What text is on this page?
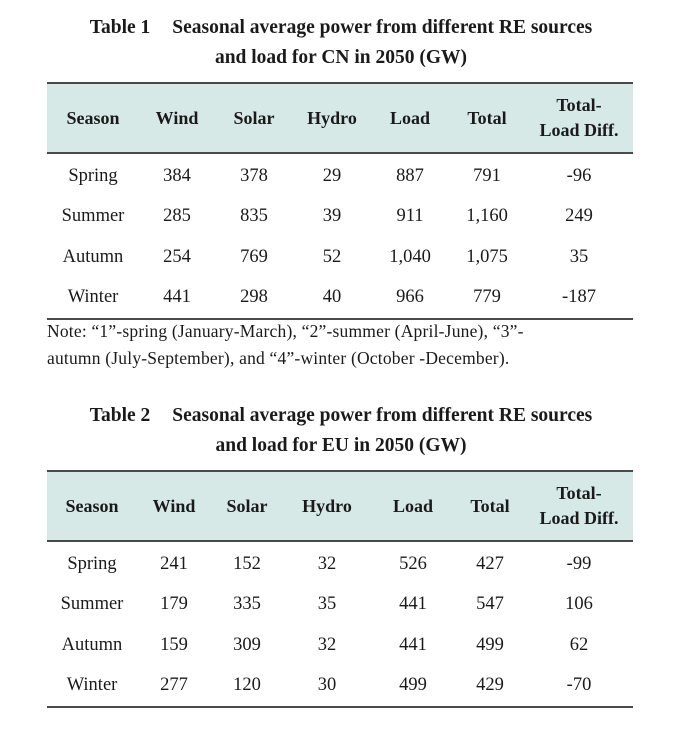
Table 1 Seasonal average power from different RE sources
and load for CN in 2050 (GW)
Season	Wind	Solar	Hydro	Load	Total	Total-
Load Diff.

Spring	384	378	29	887	791	-96
Summer	285	835	39	911	1,160	249
Autumn	254	769	52	1,040	1,075	35
Winter	441	298	40	966	779	-187
Note: “1”-spring (January-March), “2”-summer (April-June), “3”-
autumn (July-September), and “4”-winter (October -December).
Table 2 Seasonal average power from different RE sources
and load for EU in 2050 (GW)
Season	Wind	Solar	Hydro	Load	Total	Total-
Load Diff.

Spring	241	152	32	526	427	-99
Summer	179	335	35	441	547	106
Autumn	159	309	32	441	499	62
Winter	277	120	30	499	429	-70
